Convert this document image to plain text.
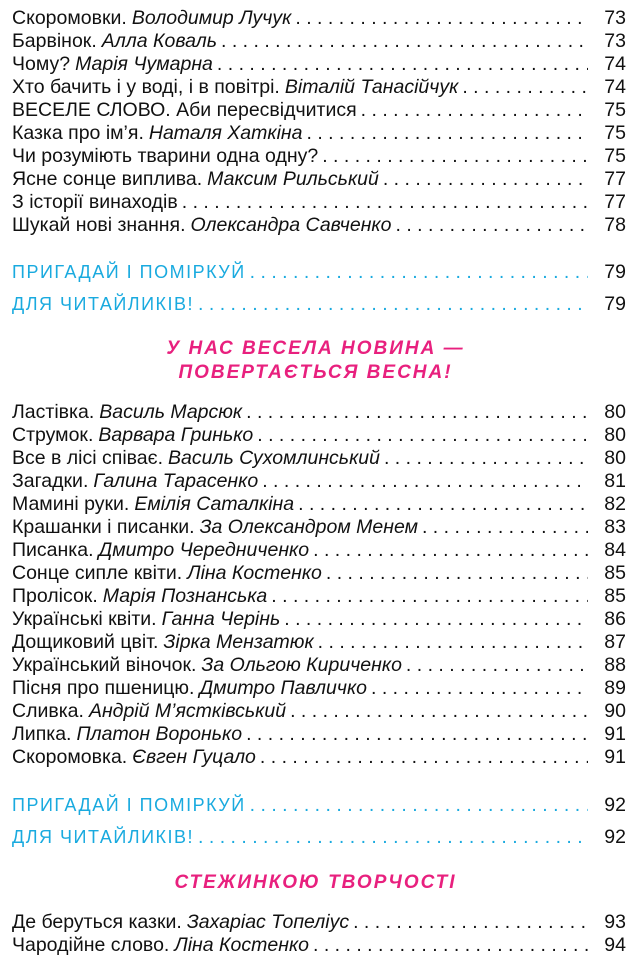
Скоромовки. Володимир Лучук . . .	73
Барвінок. Алла Коваль . . .	73
Чому? Марія Чумарна . . .	74
Хто бачить і у воді, і в повітрі. Віталій Танасійчук . . .	74
ВЕСЕЛЕ СЛОВО. Аби пересвідчитися . . .	75
Казка про ім’я. Наталя Хаткіна . . .	75
Чи розуміють тварини одна одну? . . .	75
Ясне сонце виплива. Максим Рильський . . .	77
З історії винаходів . . .	77
Шукай нові знання. Олександра Савченко . . .	78
ПРИГАДАЙ І ПОМІРКУЙ . . .	79
ДЛЯ ЧИТАЙЛИКІВ! . . .	79
У НАС ВЕСЕЛА НОВИНА —
ПОВЕРТАЄТЬСЯ ВЕСНА!
Ластівка. Василь Марсюк . . .	80
Струмок. Варвара Гринько . . .	80
Все в лісі співає. Василь Сухомлинський . . .	80
Загадки. Галина Тарасенко . . .	81
Мамині руки. Емілія Саталкіна . . .	82
Крашанки і писанки. За Олександром Менем . . .	83
Писанка. Дмитро Чередниченко . . .	84
Сонце сипле квіти. Ліна Костенко . . .	85
Пролісок. Марія Познанська . . .	85
Українські квіти. Ганна Черінь . . .	86
Дощиковий цвіт. Зірка Мензатюк . . .	87
Український віночок. За Ольгою Кириченко . . .	88
Пісня про пшеницю. Дмитро Павличко . . .	89
Сливка. Андрій М’ястківський . . .	90
Липка. Платон Воронько . . .	91
Скоромовка. Євген Гуцало . . .	91
ПРИГАДАЙ І ПОМІРКУЙ . . .	92
ДЛЯ ЧИТАЙЛИКІВ! . . .	92
СТЕЖИНКОЮ ТВОРЧОСТІ
Де беруться казки. Захаріас Топеліус . . .	93
Чародійне слово. Ліна Костенко . . .	94
